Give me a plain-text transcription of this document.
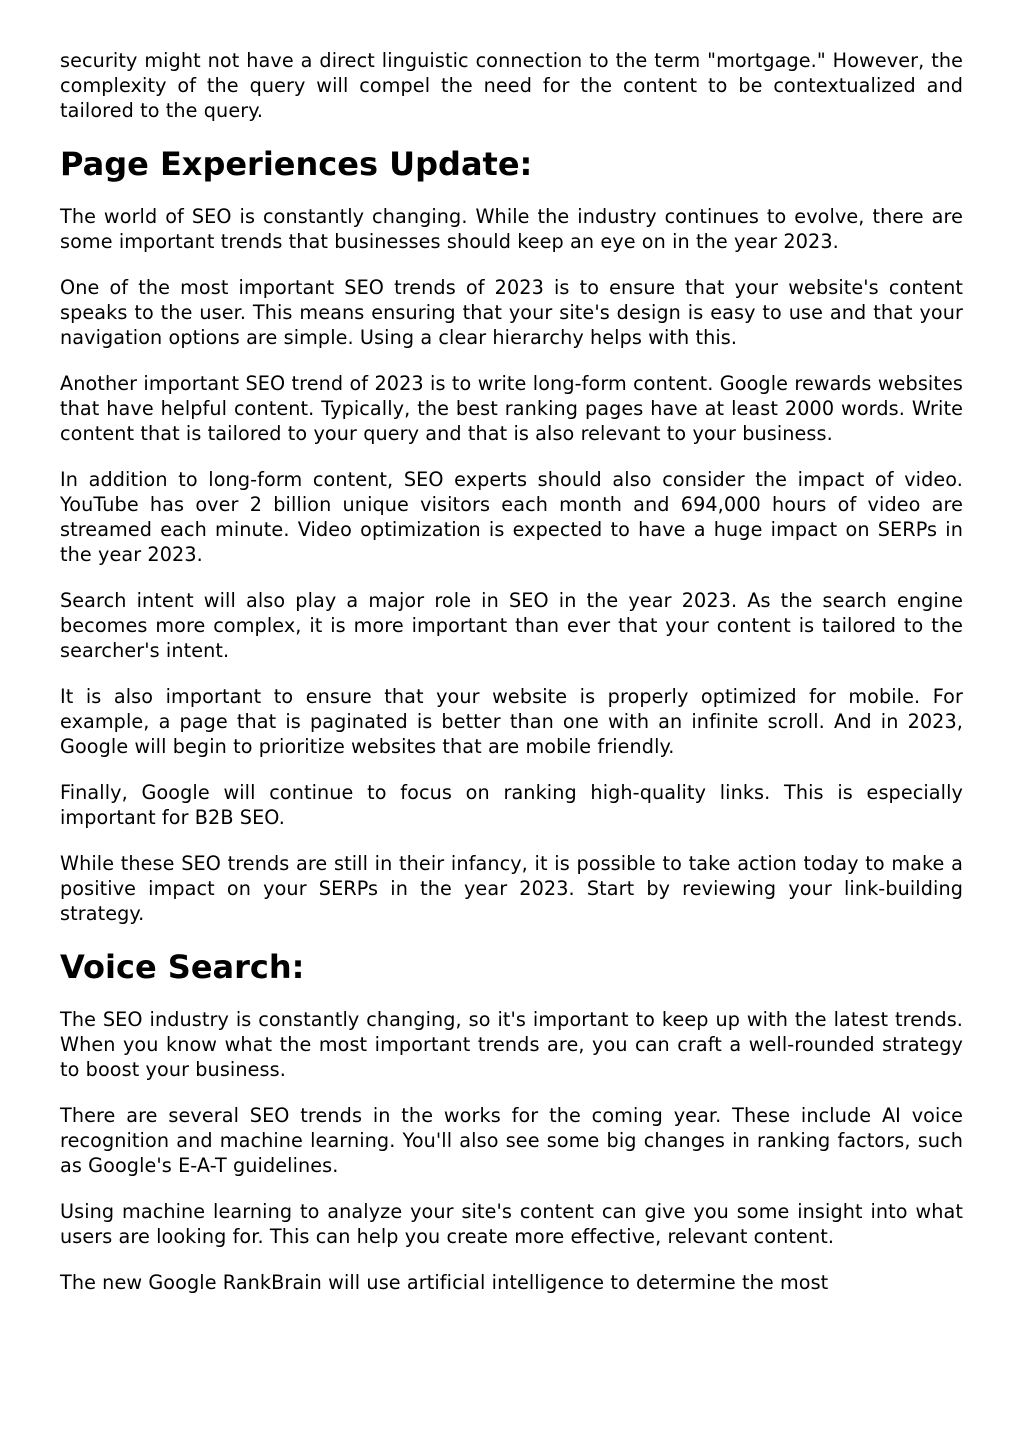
security might not have a direct linguistic connection to the term "mortgage." However, the complexity of the query will compel the need for the content to be contextualized and tailored to the query.

Page Experiences Update:

The world of SEO is constantly changing. While the industry continues to evolve, there are some important trends that businesses should keep an eye on in the year 2023.

One of the most important SEO trends of 2023 is to ensure that your website's content speaks to the user. This means ensuring that your site's design is easy to use and that your navigation options are simple. Using a clear hierarchy helps with this.

Another important SEO trend of 2023 is to write long-form content. Google rewards websites that have helpful content. Typically, the best ranking pages have at least 2000 words. Write content that is tailored to your query and that is also relevant to your business.

In addition to long-form content, SEO experts should also consider the impact of video. YouTube has over 2 billion unique visitors each month and 694,000 hours of video are streamed each minute. Video optimization is expected to have a huge impact on SERPs in the year 2023.

Search intent will also play a major role in SEO in the year 2023. As the search engine becomes more complex, it is more important than ever that your content is tailored to the searcher's intent.

It is also important to ensure that your website is properly optimized for mobile. For example, a page that is paginated is better than one with an infinite scroll. And in 2023, Google will begin to prioritize websites that are mobile friendly.

Finally, Google will continue to focus on ranking high-quality links. This is especially important for B2B SEO.

While these SEO trends are still in their infancy, it is possible to take action today to make a positive impact on your SERPs in the year 2023. Start by reviewing your link-building strategy.

Voice Search:

The SEO industry is constantly changing, so it's important to keep up with the latest trends. When you know what the most important trends are, you can craft a well-rounded strategy to boost your business.

There are several SEO trends in the works for the coming year. These include AI voice recognition and machine learning. You'll also see some big changes in ranking factors, such as Google's E-A-T guidelines.

Using machine learning to analyze your site's content can give you some insight into what users are looking for. This can help you create more effective, relevant content.

The new Google RankBrain will use artificial intelligence to determine the most
